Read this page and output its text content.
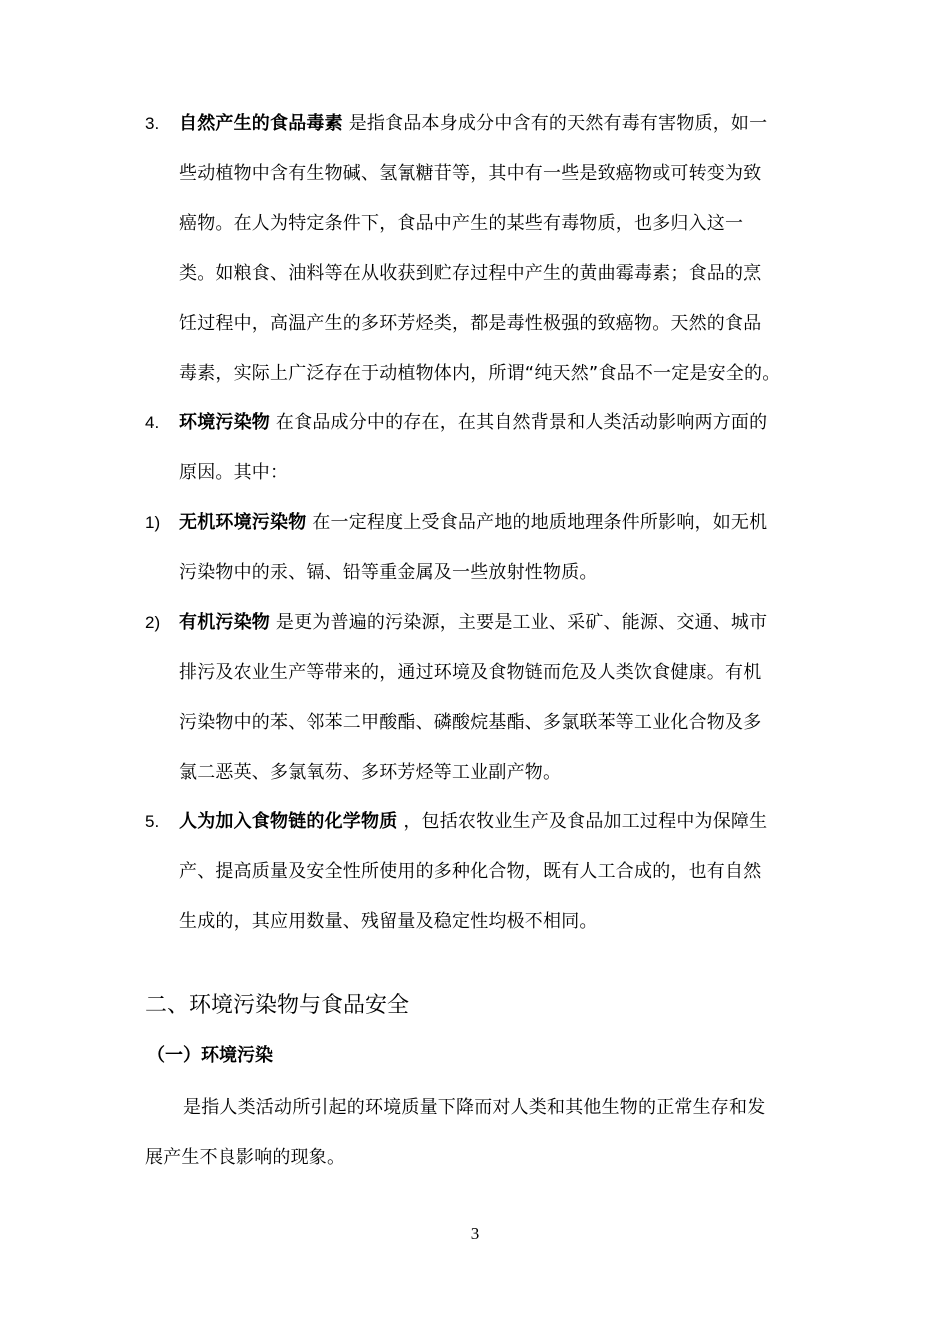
3. 自然产生的食品毒素 是指食品本身成分中含有的天然有毒有害物质，如一
些动植物中含有生物碱、氢氰糖苷等，其中有一些是致癌物或可转变为致
癌物。在人为特定条件下，食品中产生的某些有毒物质，也多归入这一
类。如粮食、油料等在从收获到贮存过程中产生的黄曲霉毒素；食品的烹
饪过程中，高温产生的多环芳烃类，都是毒性极强的致癌物。天然的食品
毒素，实际上广泛存在于动植物体内，所谓“纯天然”食品不一定是安全的。
4. 环境污染物 在食品成分中的存在，在其自然背景和人类活动影响两方面的
原因。其中：
1) 无机环境污染物 在一定程度上受食品产地的地质地理条件所影响，如无机
污染物中的汞、镉、铅等重金属及一些放射性物质。
2) 有机污染物 是更为普遍的污染源，主要是工业、采矿、能源、交通、城市
排污及农业生产等带来的，通过环境及食物链而危及人类饮食健康。有机
污染物中的苯、邻苯二甲酸酯、磷酸烷基酯、多氯联苯等工业化合物及多
氯二恶英、多氯氧芴、多环芳烃等工业副产物。
5. 人为加入食物链的化学物质 ，包括农牧业生产及食品加工过程中为保障生
产、提高质量及安全性所使用的多种化合物，既有人工合成的，也有自然
生成的，其应用数量、残留量及稳定性均极不相同。
二、环境污染物与食品安全
（一）环境污染
是指人类活动所引起的环境质量下降而对人类和其他生物的正常生存和发
展产生不良影响的现象。
3
